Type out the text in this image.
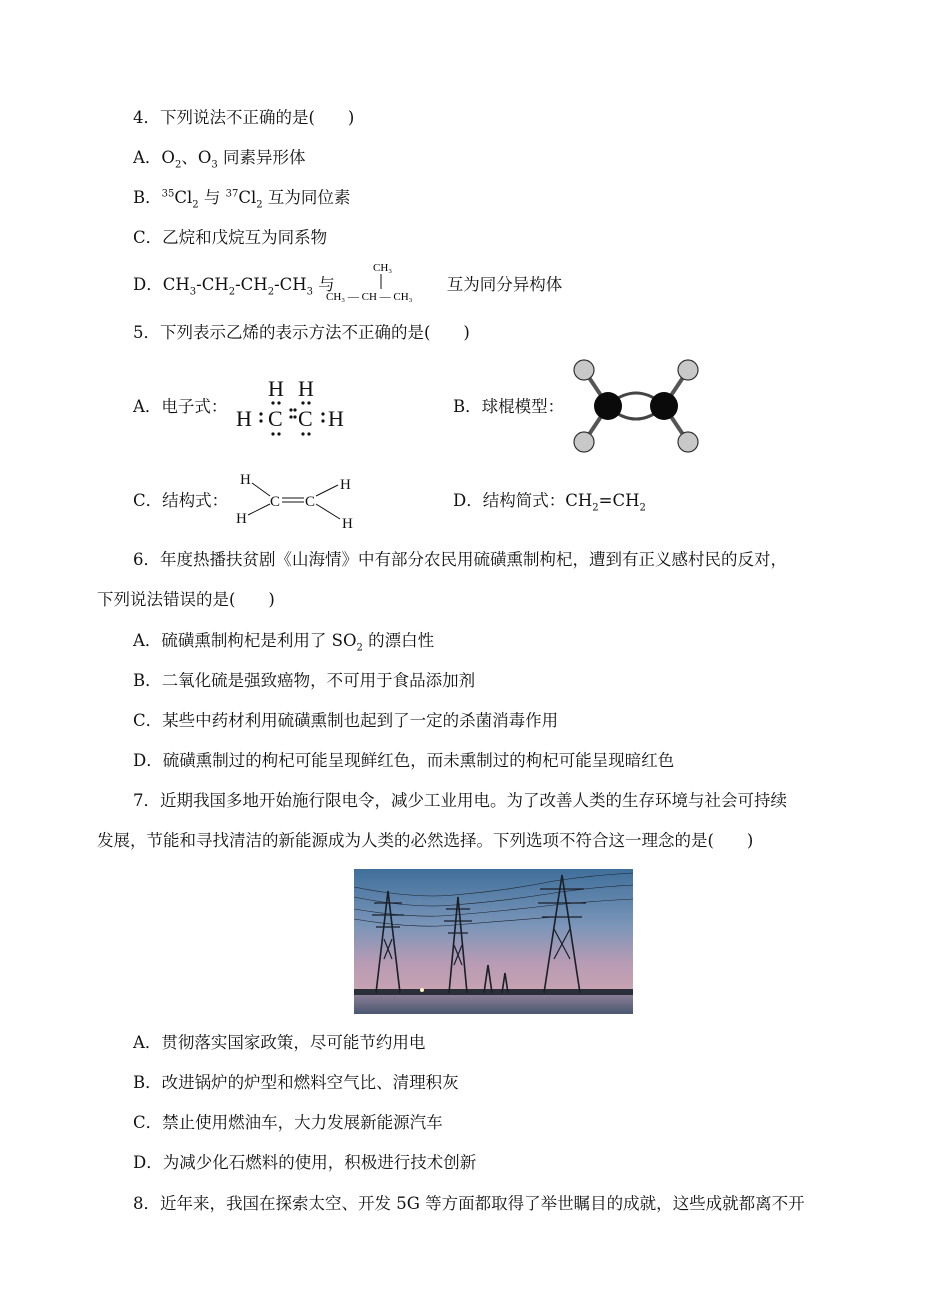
4．下列说法不正确的是(　　)
A．$O_2$、$O_3$ 同素异形体
B．$^{35}Cl_2$ 与 $^{37}Cl_2$ 互为同位素
C．乙烷和戊烷互为同系物
D．$CH_3-CH_2-CH_2-CH_3$ 与	互为同分异构体
CH₃
CH₃ — CH — CH₃
5．下列表示乙烯的表示方法不正确的是(　　)
A．电子式：
H H
H C C H	B．球棍模型：
C．结构式：
H
H
C C
H
H
D．结构简式：$CH_2=CH_2$
6．年度热播扶贫剧《山海情》中有部分农民用硫磺熏制枸杞，遭到有正义感村民的反对，
下列说法错误的是(　　)
A．硫磺熏制枸杞是利用了 $SO_2$ 的漂白性
B．二氧化硫是强致癌物，不可用于食品添加剂
C．某些中药材利用硫磺熏制也起到了一定的杀菌消毒作用
D．硫磺熏制过的枸杞可能呈现鲜红色，而未熏制过的枸杞可能呈现暗红色
7．近期我国多地开始施行限电令，减少工业用电。为了改善人类的生存环境与社会可持续
发展，节能和寻找清洁的新能源成为人类的必然选择。下列选项不符合这一理念的是(　　)
A．贯彻落实国家政策，尽可能节约用电
B．改进锅炉的炉型和燃料空气比、清理积灰
C．禁止使用燃油车，大力发展新能源汽车
D．为减少化石燃料的使用，积极进行技术创新
8．近年来，我国在探索太空、开发 5G 等方面都取得了举世瞩目的成就，这些成就都离不开
